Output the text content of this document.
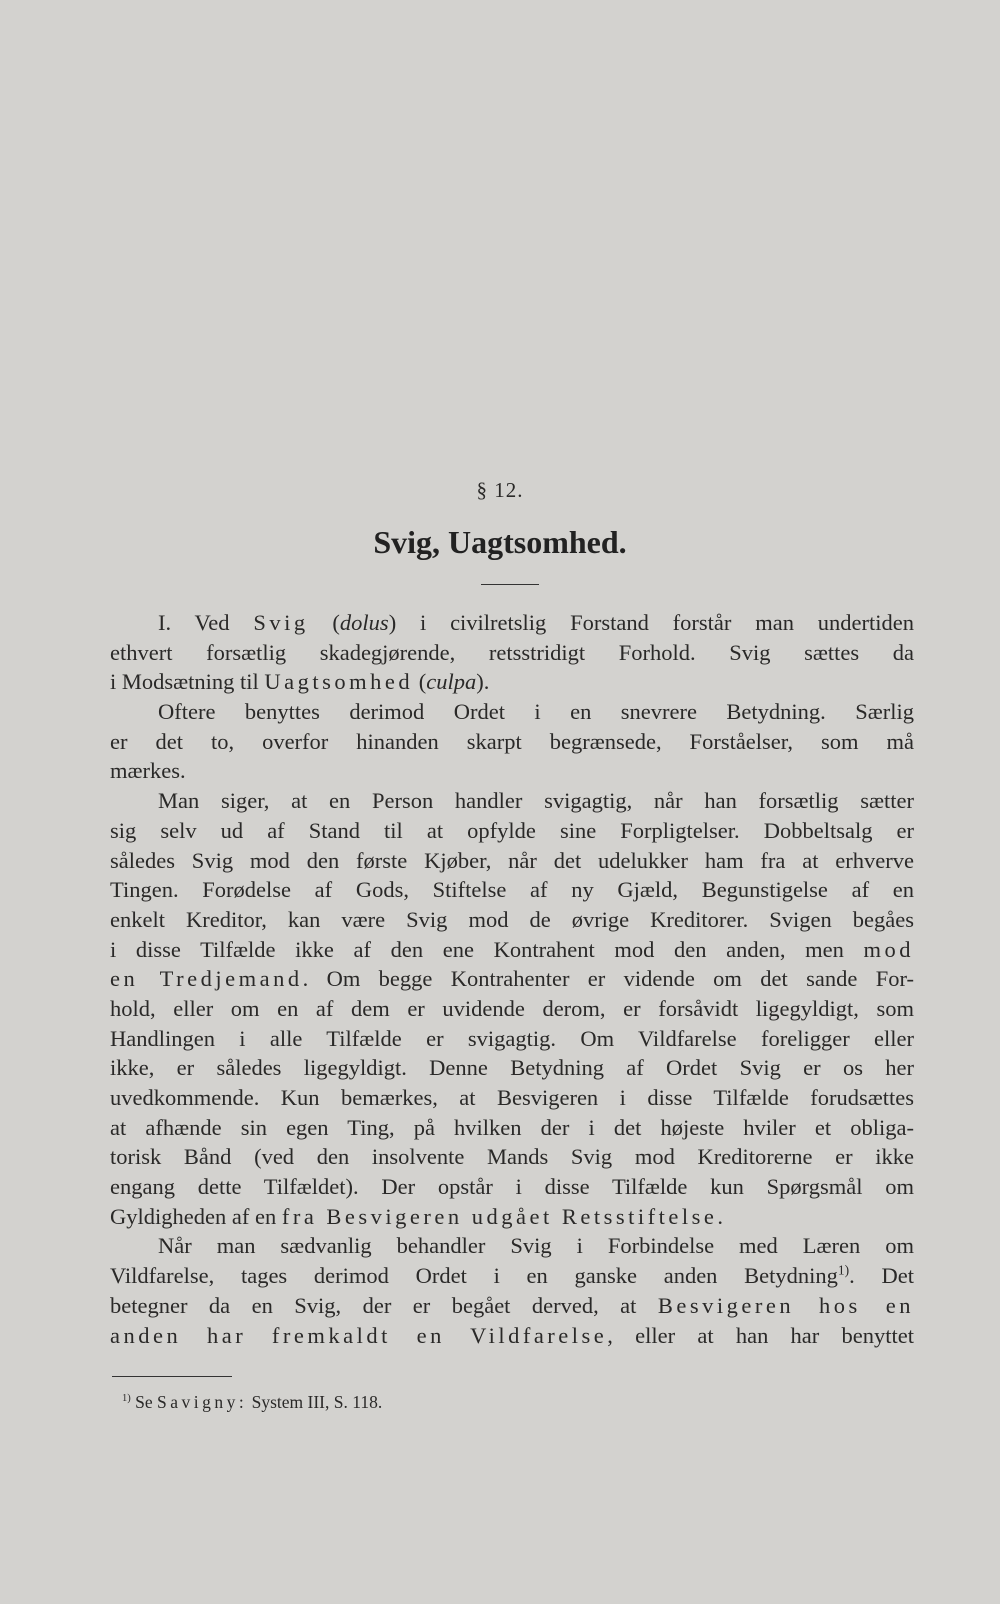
§ 12.
Svig, Uagtsomhed.
I. Ved Svig (dolus) i civilretslig Forstand forstår man undertiden
ethvert forsætlig skadegjørende, retsstridigt Forhold. Svig sættes da
i Modsætning til Uagtsomhed (culpa).
Oftere benyttes derimod Ordet i en snevrere Betydning. Særlig
er det to, overfor hinanden skarpt begrænsede, Forståelser, som må
mærkes.
Man siger, at en Person handler svigagtig, når han forsætlig sætter
sig selv ud af Stand til at opfylde sine Forpligtelser. Dobbeltsalg er
således Svig mod den første Kjøber, når det udelukker ham fra at erhverve
Tingen. Forødelse af Gods, Stiftelse af ny Gjæld, Begunstigelse af en
enkelt Kreditor, kan være Svig mod de øvrige Kreditorer. Svigen begåes
i disse Tilfælde ikke af den ene Kontrahent mod den anden, men mod
en Tredjemand. Om begge Kontrahenter er vidende om det sande For-
hold, eller om en af dem er uvidende derom, er forsåvidt ligegyldigt, som
Handlingen i alle Tilfælde er svigagtig. Om Vildfarelse foreligger eller
ikke, er således ligegyldigt. Denne Betydning af Ordet Svig er os her
uvedkommende. Kun bemærkes, at Besvigeren i disse Tilfælde forudsættes
at afhænde sin egen Ting, på hvilken der i det højeste hviler et obliga-
torisk Bånd (ved den insolvente Mands Svig mod Kreditorerne er ikke
engang dette Tilfældet). Der opstår i disse Tilfælde kun Spørgsmål om
Gyldigheden af en fra Besvigeren udgået Retsstiftelse.
Når man sædvanlig behandler Svig i Forbindelse med Læren om
Vildfarelse, tages derimod Ordet i en ganske anden Betydning$^{1)}$. Det
betegner da en Svig, der er begået derved, at Besvigeren hos en
anden har fremkaldt en Vildfarelse, eller at han har benyttet
$^{1)}$ Se Savigny: System III, S. 118.
